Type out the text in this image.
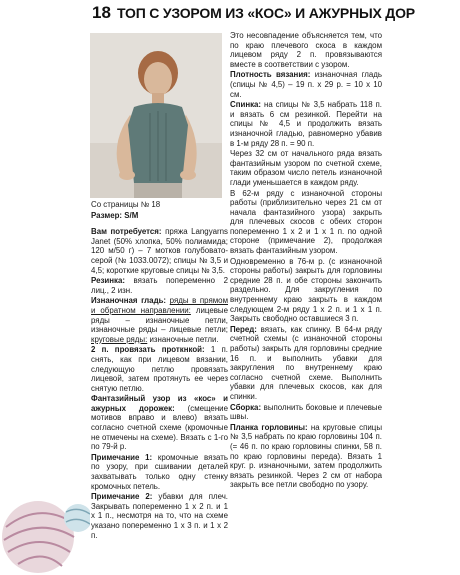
18 ТОП С УЗОРОМ ИЗ «КОС» И АЖУРНЫХ ДОР
Со страницы № 18
Размер: S/M
Вам потребуется: пряжа Langyarns Janet (50% хлопка, 50% полиамида; 120 м/50 г) – 7 мотков голубовато-серой (№ 1033.0072); спицы № 3,5 и 4,5; короткие круговые спицы № 3,5.
Резинка: вязать попеременно 2 лиц., 2 изн.
Изнаночная гладь: ряды в прямом и обратном направлении: лицевые ряды – изнаночные петли, изнаночные ряды – лицевые петли; круговые ряды: изнаночные петли.
2 п. провязать проткнкой: 1 п. снять, как при лицевом вязании, следующую петлю провязать лицевой, затем протянуть ее через снятую петлю.
Фантазийный узор из «кос» и ажурных дорожек: (смещение мотивов вправо и влево) вязать согласно счетной схеме (кромочные не отмечены на схеме). Вязать с 1-го по 79-й р.
Примечание 1: кромочные вязать по узору, при сшивании деталей захватывать только одну стенку кромочных петель.
Примечание 2: убавки для плеч. Закрывать попеременно 1 х 2 п. и 1 х 1 п., несмотря на то, что на схеме указано попеременно 1 х 3 п. и 1 х 2 п.
Это несовпадение объясняется тем, что по краю плечевого скоса в каждом лицевом ряду 2 п. провязываются вместе в соответствии с узором.
Плотность вязания: изнаночная гладь (спицы № 4,5) – 19 п. x 29 р. = 10 x 10 см.
Спинка: на спицы № 3,5 набрать 118 п. и вязать 6 см резинкой. Перейти на спицы № 4,5 и продолжить вязать изнаночной гладью, равномерно убавив в 1-м ряду 28 п. = 90 п.
Через 32 см от начального ряда вязать фантазийным узором по счетной схеме, таким образом число петель изнаночной глади уменьшается в каждом ряду.
В 62-м ряду с изнаночной стороны работы (приблизительно через 21 см от начала фантазийного узора) закрыть для плечевых скосов с обеих сторон попеременно 1 x 2 и 1 x 1 п. по одной стороне (примечание 2), продолжая вязать фантазийным узором.
Одновременно в 76-м р. (с изнаночной стороны работы) закрыть для горловины средние 28 п. и обе стороны закончить раздельно. Для закругления по внутреннему краю закрыть в каждом следующем 2-м ряду 1 x 2 п. и 1 x 1 п. Закрыть свободно оставшиеся 3 п.
Перед: вязать, как спинку. В 64-м ряду счетной схемы (с изнаночной стороны работы) закрыть для горловины средние 16 п. и выполнить убавки для закругления по внутреннему краю согласно счетной схеме. Выполнить убавки для плечевых скосов, как для спинки.
Сборка: выполнить боковые и плечевые швы.
Планка горловины: на круговые спицы № 3,5 набрать по краю горловины 104 п. (= 46 п. по краю горловины спинки, 58 п. по краю горловины переда). Вязать 1 круг. р. изнаночными, затем продолжить вязать резинкой. Через 2 см от набора закрыть все петли свободно по узору.
